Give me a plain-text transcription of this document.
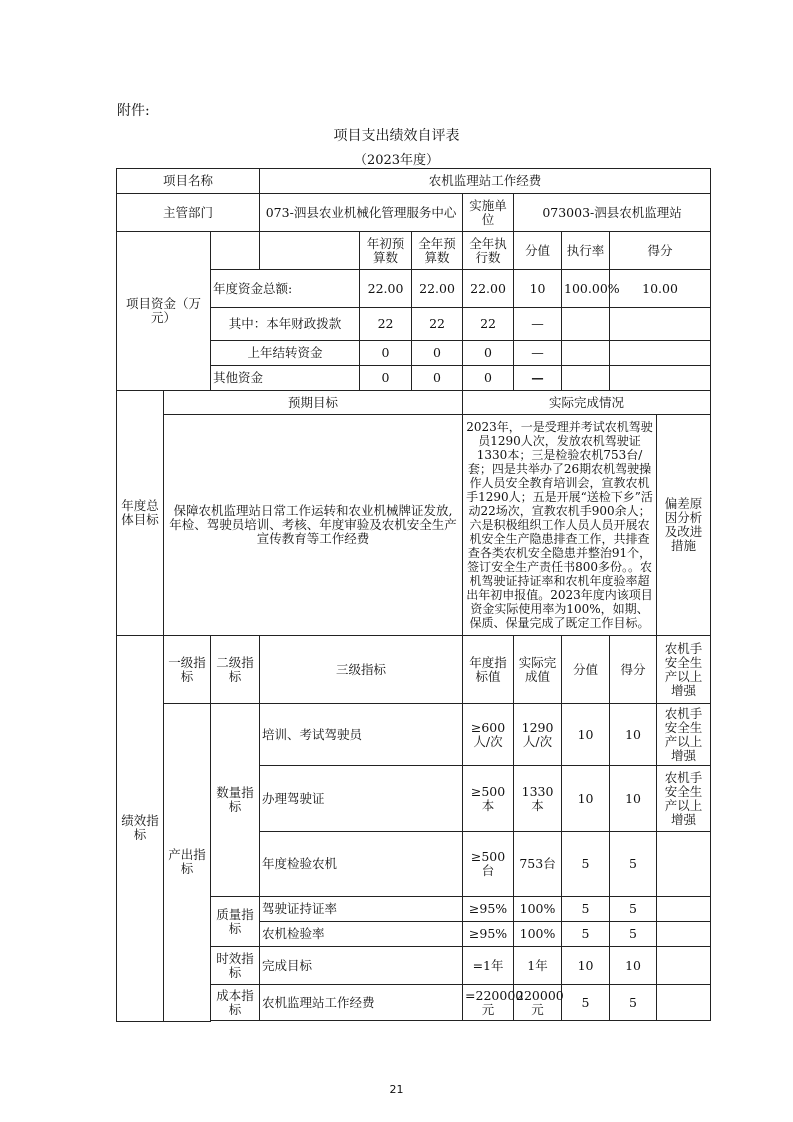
附件:
项目支出绩效自评表
（2023年度）
项目名称			农机监理站工作经费							
主管部门			073-泗县农业机械化管理服务中心			实施单位	073003-泗县农机监理站			
项目资金（万元）				年初预算数	全年预算数	全年执行数	分值	执行率	得分	
		年度资金总额:		22.00	22.00	22.00	10	100.00%	10.00	
		其中：本年财政拨款		22	22	22	—			
		上年结转资金		0	0	0	—			
		其他资金		0	0	0	—			
年度总体目标	预期目标					实际完成情况				
	保障农机监理站日常工作运转和农业机械牌证发放,年检、驾驶员培训、考核、年度审验及农机安全生产宣传教育等工作经费					2023年，一是受理并考试农机驾驶员1290人次，发放农机驾驶证1330本；三是检验农机753台/套；四是共举办了26期农机驾驶操作人员安全教育培训会，宣教农机手1290人；五是开展“送检下乡”活动22场次，宣教农机手900余人；六是积极组织工作人员人员开展农机安全生产隐患排查工作，共排查查各类农机安全隐患并整治91个，签订安全生产责任书800多份。。农机驾驶证持证率和农机年度验率超出年初申报值。2023年度内该项目资金实际使用率为100%，如期、保质、保量完成了既定工作目标。				偏差原因分析及改进措施
绩效指标	一级指标	二级指标	三级指标			年度指标值	实际完成值	分值	得分	农机手安全生产以上增强
	产出指标	数量指标	培训、考试驾驶员			≥600人/次	1290人/次	10	10	农机手安全生产以上增强
			办理驾驶证			≥500本	1330本	10	10	农机手安全生产以上增强
			年度检验农机			≥500台	753台	5	5	
		质量指标	驾驶证持证率			≥95%	100%	5	5	
			农机检验率			≥95%	100%	5	5	
		时效指标	完成目标			=1年	1年	10	10	
		成本指标	农机监理站工作经费			=220000元	220000元	5	5	

21
